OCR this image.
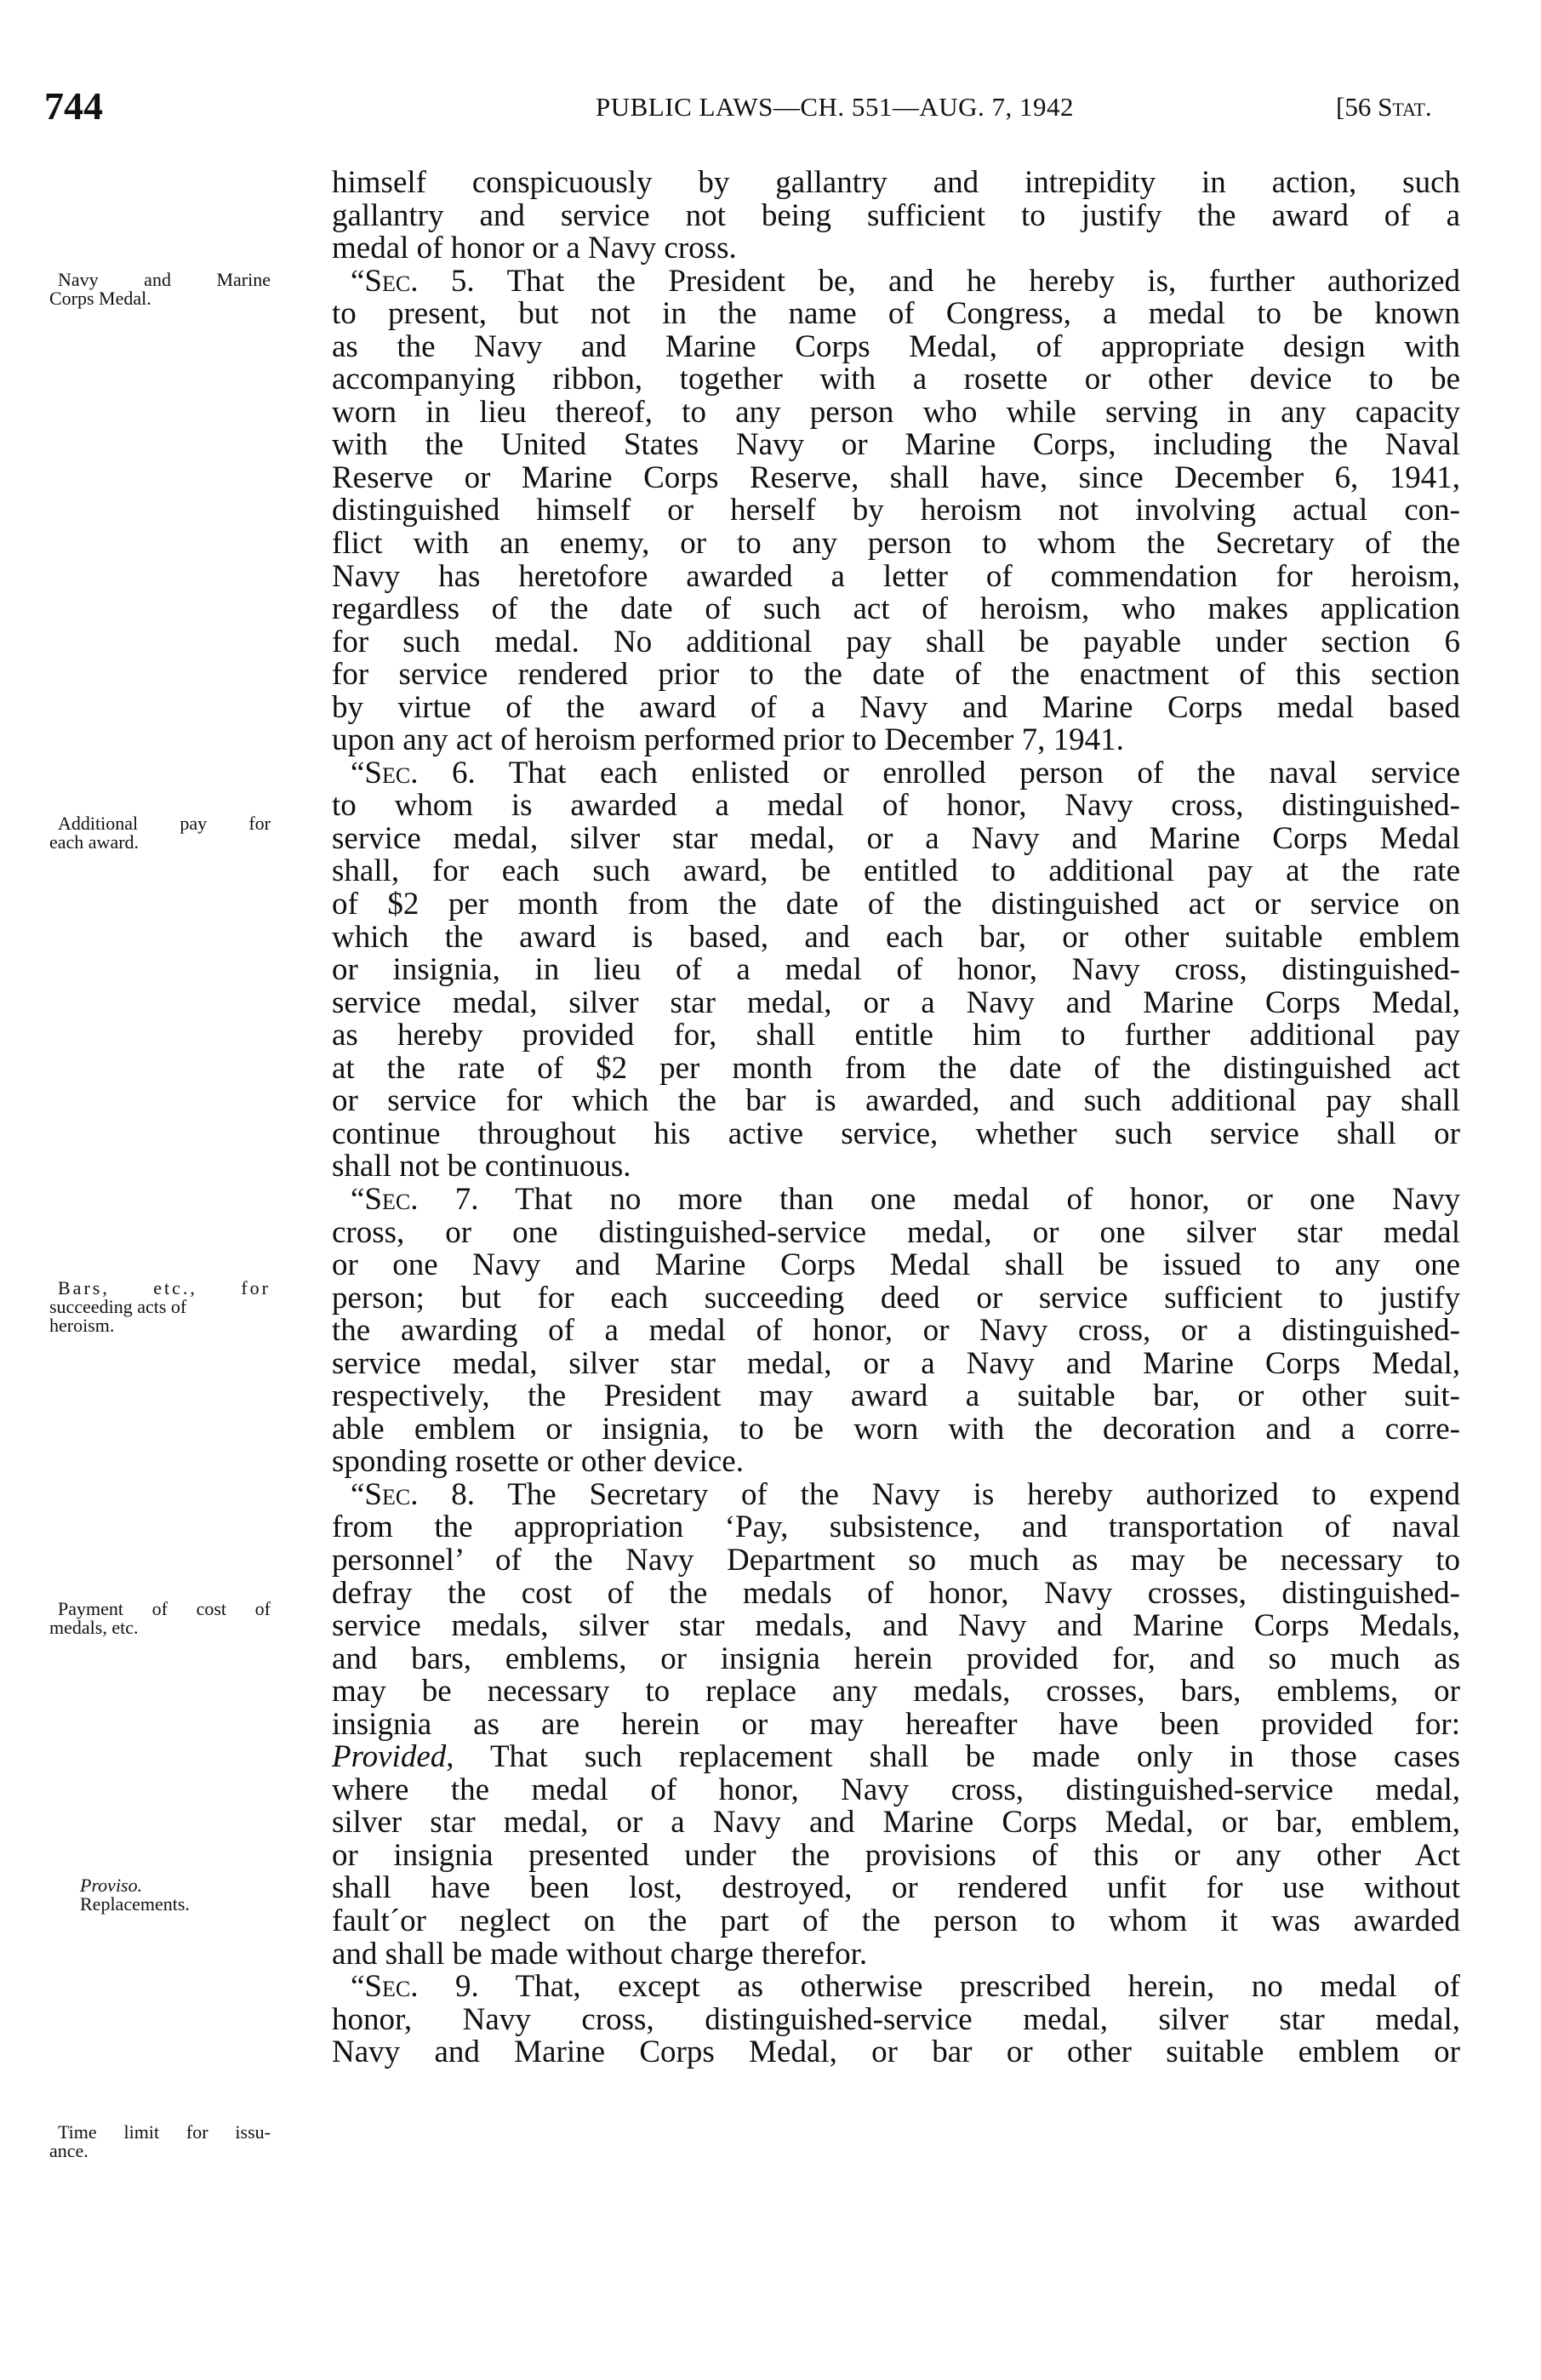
744	PUBLIC LAWS—CH. 551—AUG. 7, 1942	[56 Stat.
Navy and Marine
Corps Medal.
Additional pay for
each award.
Bars, etc., for
succeeding acts of
heroism.
Payment of cost of
medals, etc.
Proviso.
Replacements.
Time limit for issu-
ance.
himself conspicuously by gallantry and intrepidity in action, such
gallantry and service not being sufficient to justify the award of a
medal of honor or a Navy cross.
“Sec. 5. That the President be, and he hereby is, further authorized
to present, but not in the name of Congress, a medal to be known
as the Navy and Marine Corps Medal, of appropriate design with
accompanying ribbon, together with a rosette or other device to be
worn in lieu thereof, to any person who while serving in any capacity
with the United States Navy or Marine Corps, including the Naval
Reserve or Marine Corps Reserve, shall have, since December 6, 1941,
distinguished himself or herself by heroism not involving actual con-
flict with an enemy, or to any person to whom the Secretary of the
Navy has heretofore awarded a letter of commendation for heroism,
regardless of the date of such act of heroism, who makes application
for such medal. No additional pay shall be payable under section 6
for service rendered prior to the date of the enactment of this section
by virtue of the award of a Navy and Marine Corps medal based
upon any act of heroism performed prior to December 7, 1941.
“Sec. 6. That each enlisted or enrolled person of the naval service
to whom is awarded a medal of honor, Navy cross, distinguished-
service medal, silver star medal, or a Navy and Marine Corps Medal
shall, for each such award, be entitled to additional pay at the rate
of $2 per month from the date of the distinguished act or service on
which the award is based, and each bar, or other suitable emblem
or insignia, in lieu of a medal of honor, Navy cross, distinguished-
service medal, silver star medal, or a Navy and Marine Corps Medal,
as hereby provided for, shall entitle him to further additional pay
at the rate of $2 per month from the date of the distinguished act
or service for which the bar is awarded, and such additional pay shall
continue throughout his active service, whether such service shall or
shall not be continuous.
“Sec. 7. That no more than one medal of honor, or one Navy
cross, or one distinguished-service medal, or one silver star medal
or one Navy and Marine Corps Medal shall be issued to any one
person; but for each succeeding deed or service sufficient to justify
the awarding of a medal of honor, or Navy cross, or a distinguished-
service medal, silver star medal, or a Navy and Marine Corps Medal,
respectively, the President may award a suitable bar, or other suit-
able emblem or insignia, to be worn with the decoration and a corre-
sponding rosette or other device.
“Sec. 8. The Secretary of the Navy is hereby authorized to expend
from the appropriation ‘Pay, subsistence, and transportation of naval
personnel’ of the Navy Department so much as may be necessary to
defray the cost of the medals of honor, Navy crosses, distinguished-
service medals, silver star medals, and Navy and Marine Corps Medals,
and bars, emblems, or insignia herein provided for, and so much as
may be necessary to replace any medals, crosses, bars, emblems, or
insignia as are herein or may hereafter have been provided for:
Provided, That such replacement shall be made only in those cases
where the medal of honor, Navy cross, distinguished-service medal,
silver star medal, or a Navy and Marine Corps Medal, or bar, emblem,
or insignia presented under the provisions of this or any other Act
shall have been lost, destroyed, or rendered unfit for use without
fault´or neglect on the part of the person to whom it was awarded
and shall be made without charge therefor.
“Sec. 9. That, except as otherwise prescribed herein, no medal of
honor, Navy cross, distinguished-service medal, silver star medal,
Navy and Marine Corps Medal, or bar or other suitable emblem or
